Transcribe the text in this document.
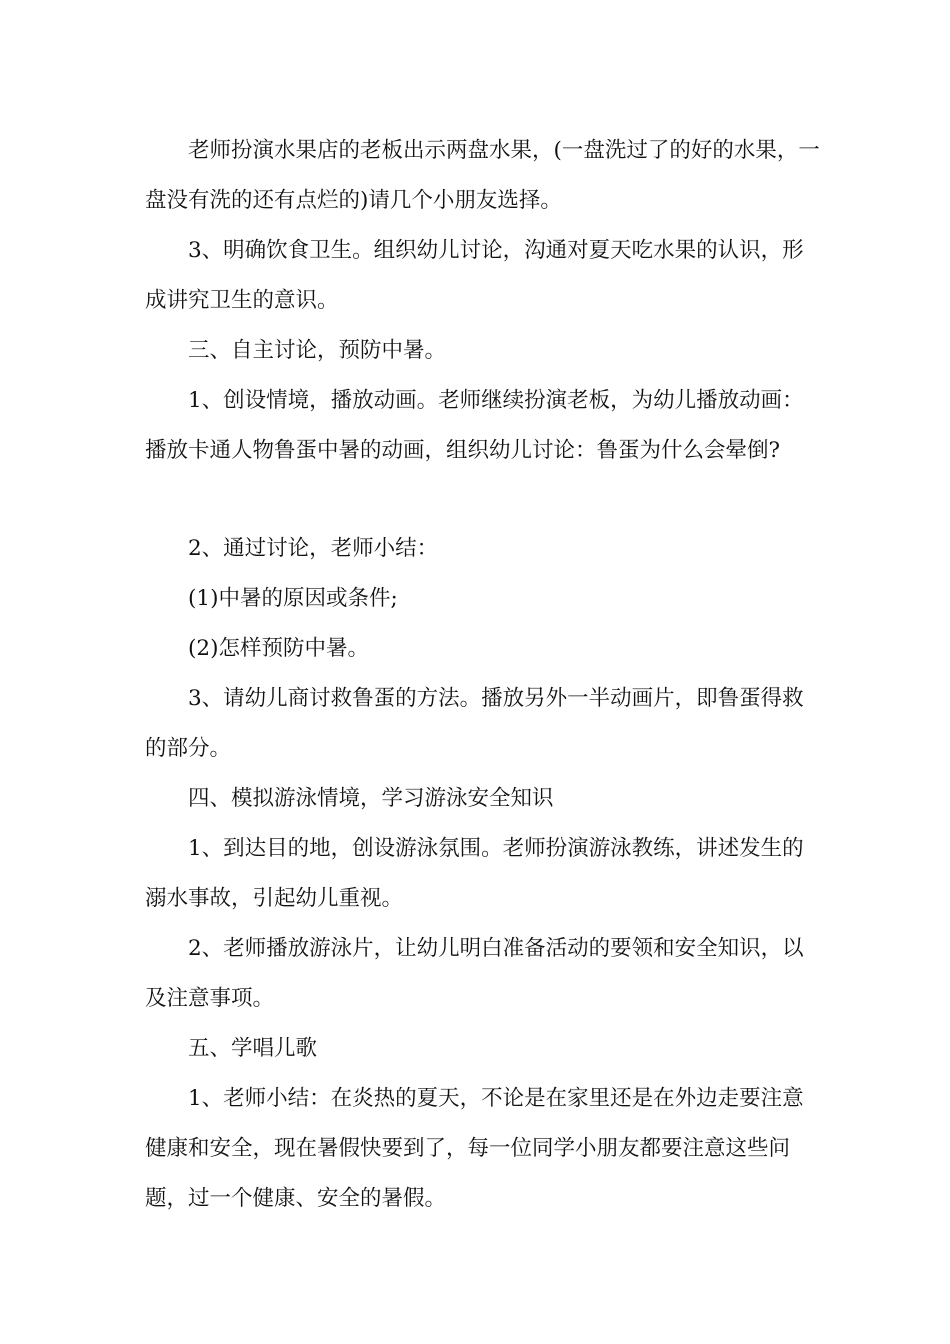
老师扮演水果店的老板出示两盘水果，(一盘洗过了的好的水果，一盘没有洗的还有点烂的)请几个小朋友选择。

3、明确饮食卫生。组织幼儿讨论，沟通对夏天吃水果的认识，形成讲究卫生的意识。

三、自主讨论，预防中暑。

1、创设情境，播放动画。老师继续扮演老板，为幼儿播放动画：播放卡通人物鲁蛋中暑的动画，组织幼儿讨论：鲁蛋为什么会晕倒?

2、通过讨论，老师小结：

(1)中暑的原因或条件;

(2)怎样预防中暑。

3、请幼儿商讨救鲁蛋的方法。播放另外一半动画片，即鲁蛋得救的部分。

四、模拟游泳情境，学习游泳安全知识

1、到达目的地，创设游泳氛围。老师扮演游泳教练，讲述发生的溺水事故，引起幼儿重视。

2、老师播放游泳片，让幼儿明白准备活动的要领和安全知识，以及注意事项。

五、学唱儿歌

1、老师小结：在炎热的夏天，不论是在家里还是在外边走要注意健康和安全，现在暑假快要到了，每一位同学小朋友都要注意这些问题，过一个健康、安全的暑假。
